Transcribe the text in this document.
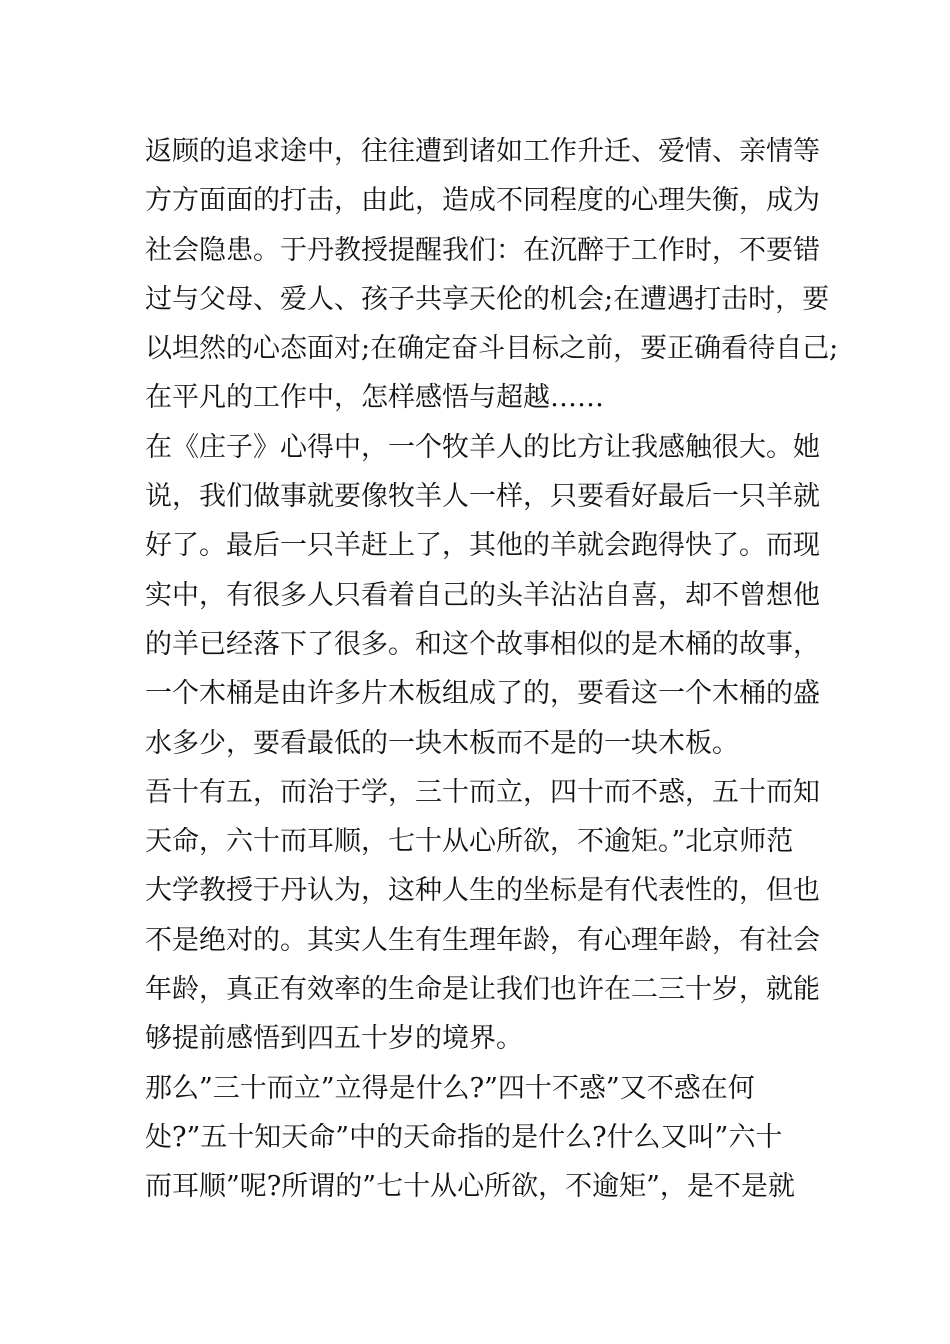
返顾的追求途中，往往遭到诸如工作升迁、爱情、亲情等
方方面面的打击，由此，造成不同程度的心理失衡，成为
社会隐患。于丹教授提醒我们：在沉醉于工作时，不要错
过与父母、爱人、孩子共享天伦的机会;在遭遇打击时，要
以坦然的心态面对;在确定奋斗目标之前，要正确看待自己;
在平凡的工作中，怎样感悟与超越……
在《庄子》心得中，一个牧羊人的比方让我感触很大。她
说，我们做事就要像牧羊人一样，只要看好最后一只羊就
好了。最后一只羊赶上了，其他的羊就会跑得快了。而现
实中，有很多人只看着自己的头羊沾沾自喜，却不曾想他
的羊已经落下了很多。和这个故事相似的是木桶的故事，
一个木桶是由许多片木板组成了的，要看这一个木桶的盛
水多少，要看最低的一块木板而不是的一块木板。
吾十有五，而治于学，三十而立，四十而不惑，五十而知
天命，六十而耳顺，七十从心所欲，不逾矩。”北京师范
大学教授于丹认为，这种人生的坐标是有代表性的，但也
不是绝对的。其实人生有生理年龄，有心理年龄，有社会
年龄，真正有效率的生命是让我们也许在二三十岁，就能
够提前感悟到四五十岁的境界。
那么”三十而立”立得是什么?”四十不惑”又不惑在何
处?”五十知天命”中的天命指的是什么?什么又叫”六十
而耳顺”呢?所谓的”七十从心所欲，不逾矩”，是不是就
